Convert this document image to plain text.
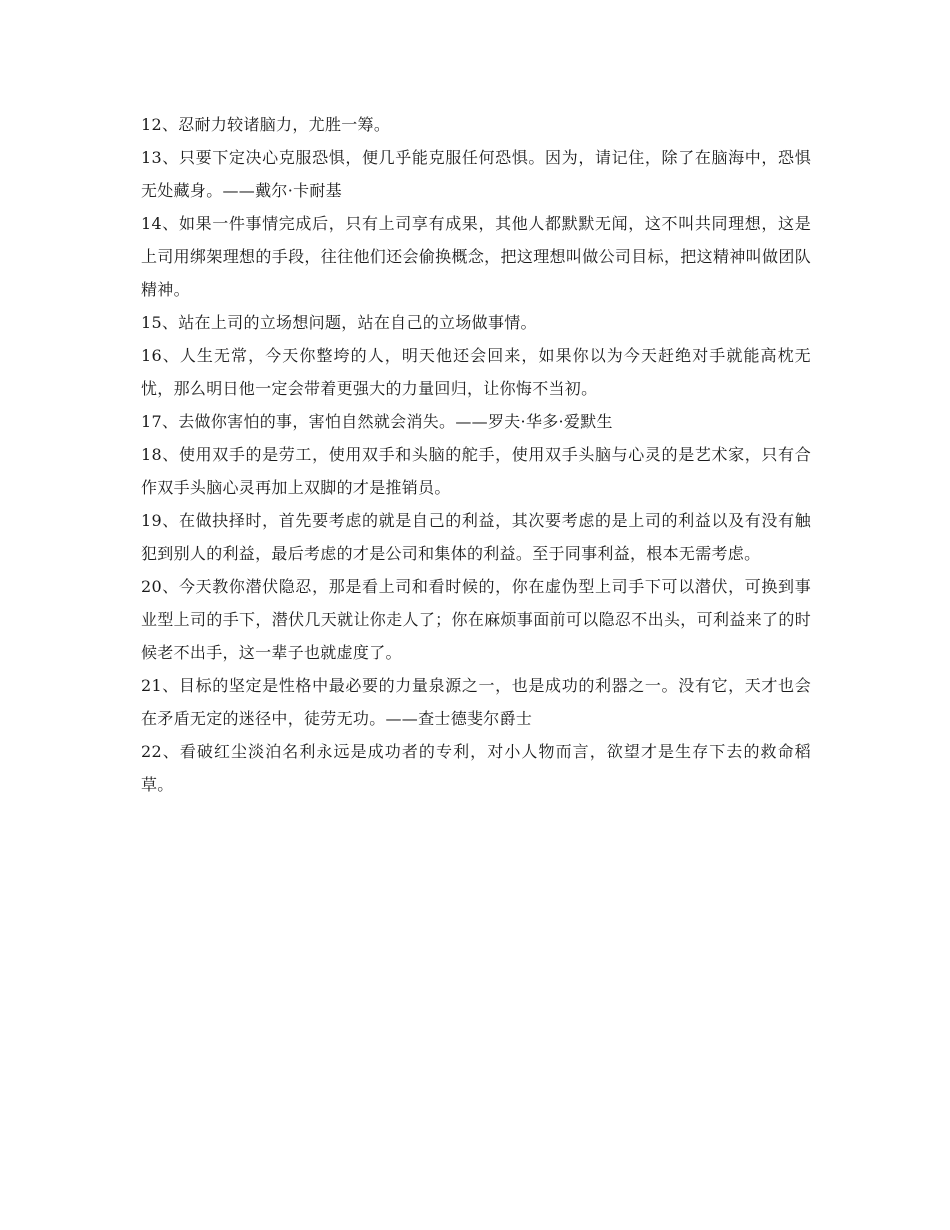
12、忍耐力较诸脑力，尤胜一筹。

13、只要下定决心克服恐惧，便几乎能克服任何恐惧。因为，请记住，除了在脑海中，恐惧无处藏身。——戴尔·卡耐基

14、如果一件事情完成后，只有上司享有成果，其他人都默默无闻，这不叫共同理想，这是上司用绑架理想的手段，往往他们还会偷换概念，把这理想叫做公司目标，把这精神叫做团队精神。

15、站在上司的立场想问题，站在自己的立场做事情。

16、人生无常，今天你整垮的人，明天他还会回来，如果你以为今天赶绝对手就能高枕无忧，那么明日他一定会带着更强大的力量回归，让你悔不当初。

17、去做你害怕的事，害怕自然就会消失。——罗夫·华多·爱默生

18、使用双手的是劳工，使用双手和头脑的舵手，使用双手头脑与心灵的是艺术家，只有合作双手头脑心灵再加上双脚的才是推销员。

19、在做抉择时，首先要考虑的就是自己的利益，其次要考虑的是上司的利益以及有没有触犯到别人的利益，最后考虑的才是公司和集体的利益。至于同事利益，根本无需考虑。

20、今天教你潜伏隐忍，那是看上司和看时候的，你在虚伪型上司手下可以潜伏，可换到事业型上司的手下，潜伏几天就让你走人了；你在麻烦事面前可以隐忍不出头，可利益来了的时候老不出手，这一辈子也就虚度了。

21、目标的坚定是性格中最必要的力量泉源之一，也是成功的利器之一。没有它，天才也会在矛盾无定的迷径中，徒劳无功。——查士德斐尔爵士

22、看破红尘淡泊名利永远是成功者的专利，对小人物而言，欲望才是生存下去的救命稻草。
